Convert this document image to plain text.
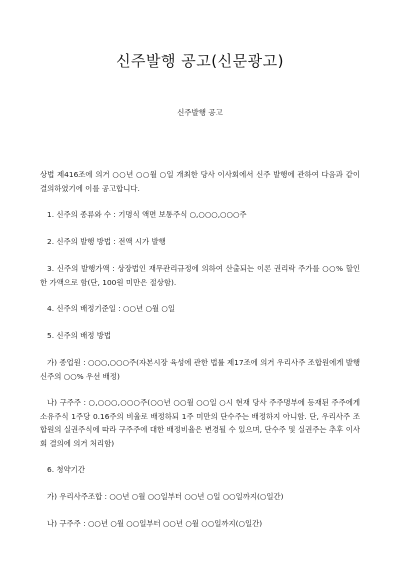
신주발행 공고(신문광고)
신주발행 공고

상법 제416조에 의거 ○○년 ○○월 ○일 개최한 당사 이사회에서 신주 발행에 관하여 다음과 같이 결의하였기에 이를 공고합니다.

1. 신주의 종류와 수 : 기명식 액면 보통주식 ○,○○○,○○○주

2. 신주의 발행 방법 : 전액 시가 발행

3. 신주의 발행가액 : 상장법인 재무관리규정에 의하여 산출되는 이론 권리락 주가를 ○○% 할인한 가액으로 함(단, 100원 미만은 절상함).

4. 신주의 배정기준일 : ○○년 ○월 ○일

5. 신주의 배정 방법

가) 종업원 : ○○○,○○○주(자본시장 육성에 관한 법률 제17조에 의거 우리사주 조합원에게 발행신주의 ○○% 우선 배정)

나) 구주주 : ○,○○○,○○○주(○○년 ○○월 ○○일 ○시 현재 당사 주주명부에 등재된 주주에게 소유주식 1주당 0.16주의 비율로 배정하되 1주 미만의 단수주는 배정하지 아니함. 단, 우리사주 조합원의 실권주식에 따라 구주주에 대한 배정비율은 변경될 수 있으며, 단수주 및 실권주는 추후 이사회 결의에 의거 처리함)

6. 청약기간

가) 우리사주조합 : ○○년 ○월 ○○일부터 ○○년 ○일 ○○일까지(○일간)

나) 구주주 : ○○년 ○월 ○○일부터 ○○년 ○월 ○○일까지(○일간)
